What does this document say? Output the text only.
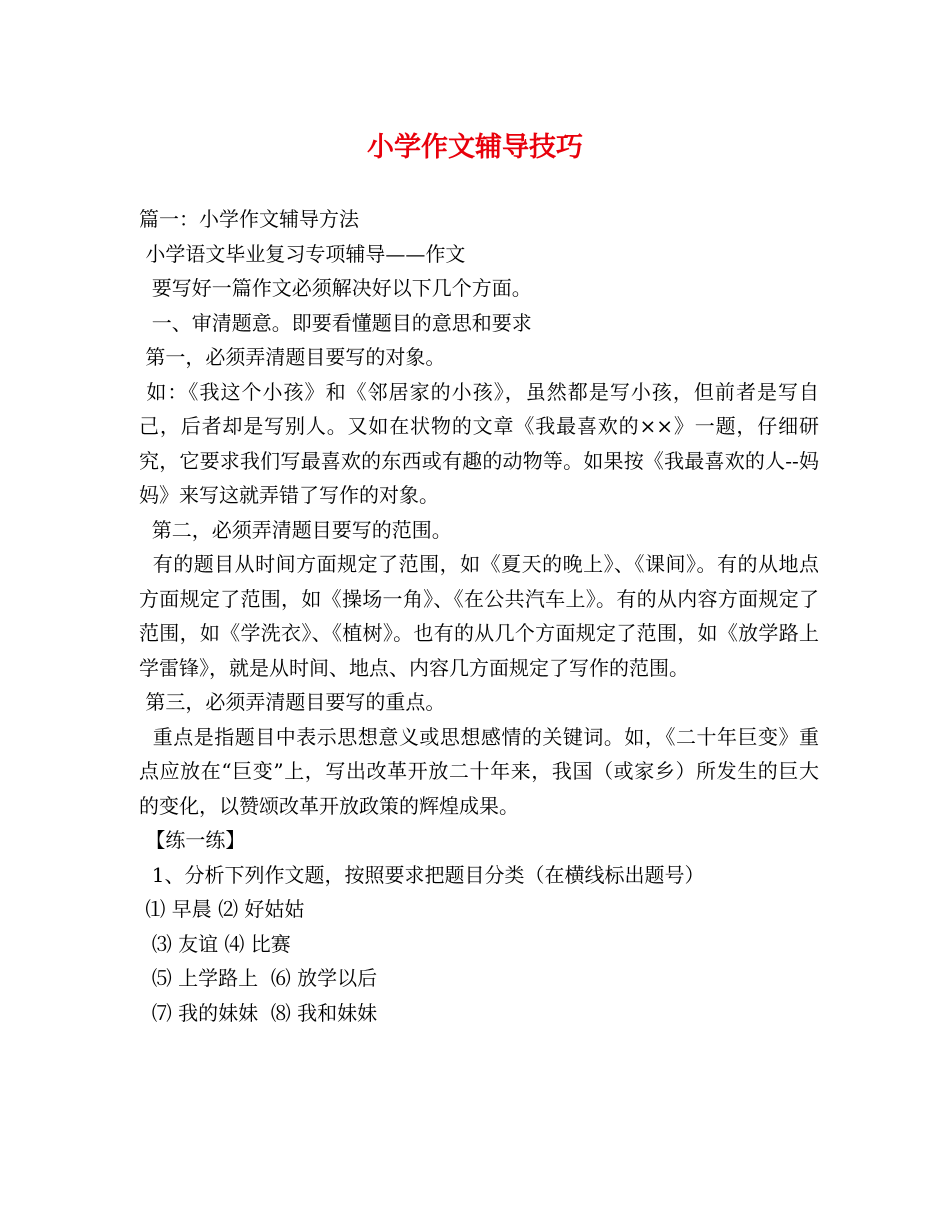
小学作文辅导技巧

篇一：小学作文辅导方法

小学语文毕业复习专项辅导——作文

要写好一篇作文必须解决好以下几个方面。

一、审清题意。即要看懂题目的意思和要求

第一，必须弄清题目要写的对象。

如：《我这个小孩》和《邻居家的小孩》，虽然都是写小孩，但前者是写自己，后者却是写别人。又如在状物的文章《我最喜欢的××》一题，仔细研究，它要求我们写最喜欢的东西或有趣的动物等。如果按《我最喜欢的人--妈妈》来写这就弄错了写作的对象。

第二，必须弄清题目要写的范围。

有的题目从时间方面规定了范围，如《夏天的晚上》、《课间》。有的从地点方面规定了范围，如《操场一角》、《在公共汽车上》。有的从内容方面规定了范围，如《学洗衣》、《植树》。也有的从几个方面规定了范围，如《放学路上学雷锋》，就是从时间、地点、内容几方面规定了写作的范围。

第三，必须弄清题目要写的重点。

重点是指题目中表示思想意义或思想感情的关键词。如，《二十年巨变》重点应放在“巨变”上，写出改革开放二十年来，我国（或家乡）所发生的巨大的变化，以赞颂改革开放政策的辉煌成果。

【练一练】

1、分析下列作文题，按照要求把题目分类（在横线标出题号）

⑴ 早晨 ⑵ 好姑姑

⑶ 友谊 ⑷ 比赛

⑸ 上学路上  ⑹ 放学以后

⑺ 我的妹妹  ⑻ 我和妹妹
